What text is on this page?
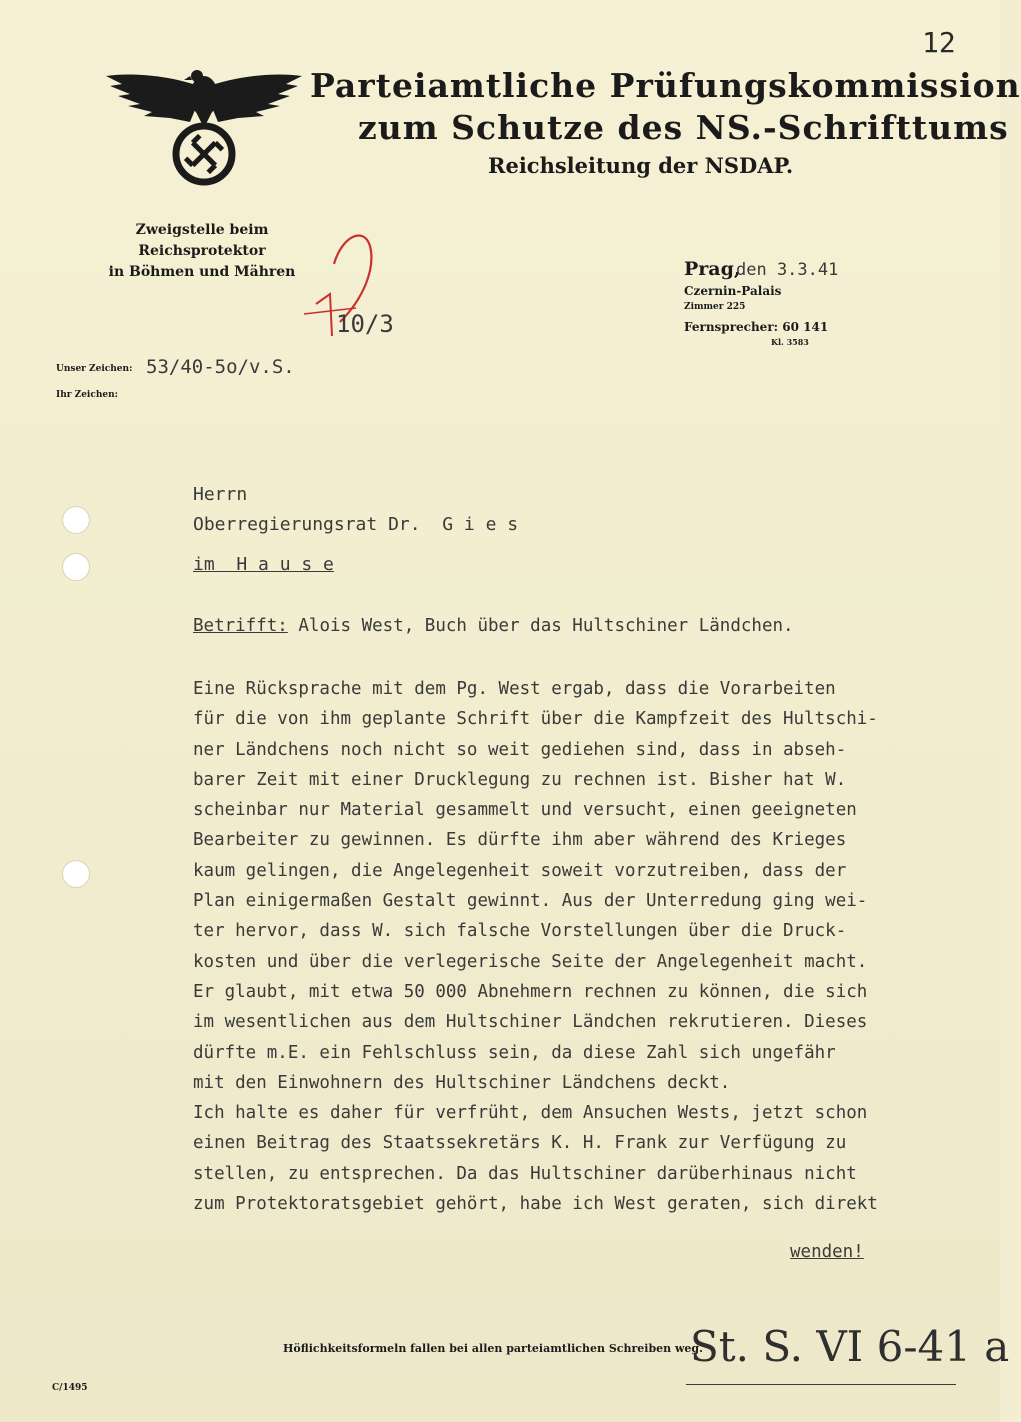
Parteiamtliche Prüfungskommission
zum Schutze des NS.-Schrifttums
Reichsleitung der NSDAP.
Zweigstelle beim Reichsprotektor
in Böhmen und Mähren
12
10/3
Prag,
den 3.3.41
Czernin-Palais
Zimmer 225
Fernsprecher: 60 141
Kl. 3583
Unser Zeichen: 53/40-5o/v.S.
Ihr Zeichen:
Herrn
Oberregierungsrat Dr.  G i e s
im  H a u s e
Betrifft: Alois West, Buch über das Hultschiner Ländchen.
Eine Rücksprache mit dem Pg. West ergab, dass die Vorarbeiten
für die von ihm geplante Schrift über die Kampfzeit des Hultschi-
ner Ländchens noch nicht so weit gediehen sind, dass in abseh-
barer Zeit mit einer Drucklegung zu rechnen ist. Bisher hat W.
scheinbar nur Material gesammelt und versucht, einen geeigneten
Bearbeiter zu gewinnen. Es dürfte ihm aber während des Krieges
kaum gelingen, die Angelegenheit soweit vorzutreiben, dass der
Plan einigermaßen Gestalt gewinnt. Aus der Unterredung ging wei-
ter hervor, dass W. sich falsche Vorstellungen über die Druck-
kosten und über die verlegerische Seite der Angelegenheit macht.
Er glaubt, mit etwa 50 000 Abnehmern rechnen zu können, die sich
im wesentlichen aus dem Hultschiner Ländchen rekrutieren. Dieses
dürfte m.E. ein Fehlschluss sein, da diese Zahl sich ungefähr
mit den Einwohnern des Hultschiner Ländchens deckt.
Ich halte es daher für verfrüht, dem Ansuchen Wests, jetzt schon
einen Beitrag des Staatssekretärs K. H. Frank zur Verfügung zu
stellen, zu entsprechen. Da das Hultschiner darüberhinaus nicht
zum Protektoratsgebiet gehört, habe ich West geraten, sich direkt
wenden!
Höflichkeitsformeln fallen bei allen parteiamtlichen Schreiben weg.
St. S. VI 6-41 a
C/1495
